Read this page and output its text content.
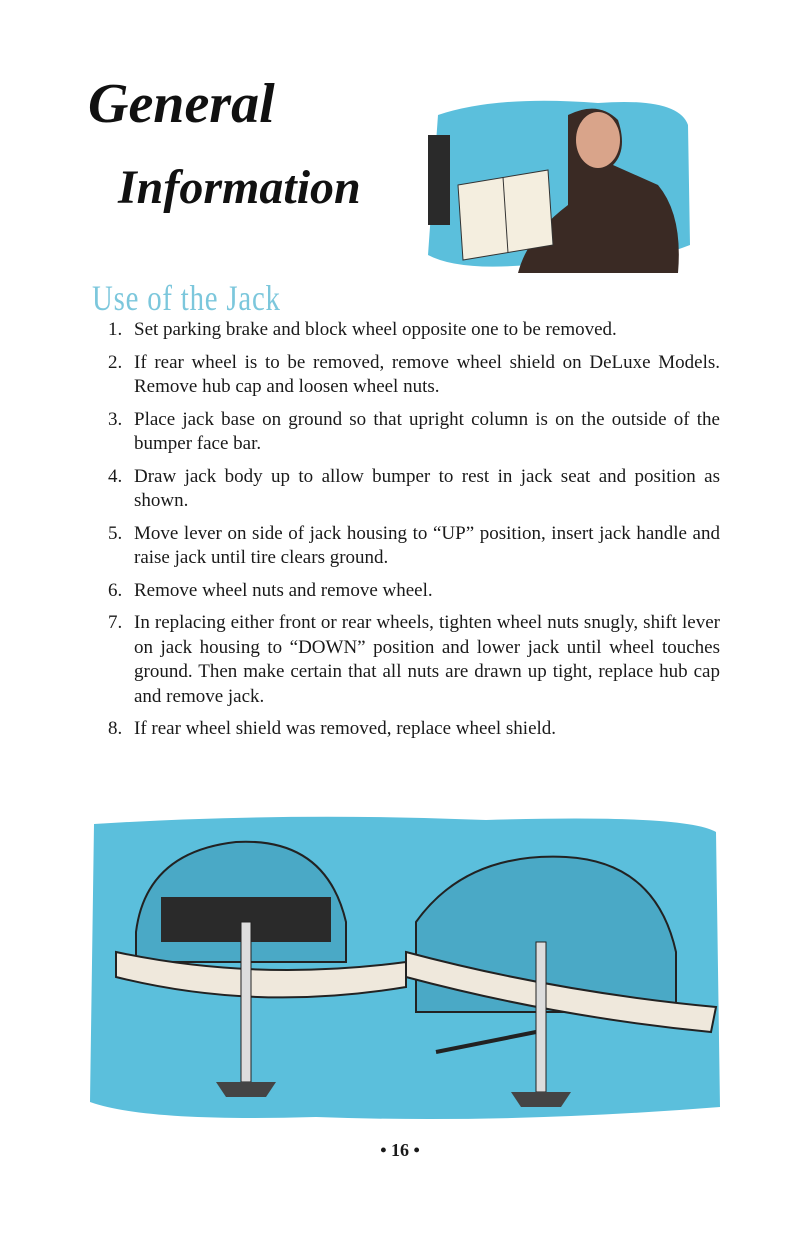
General
Information
Use of the Jack
1. Set parking brake and block wheel opposite one to be removed.
2. If rear wheel is to be removed, remove wheel shield on DeLuxe Models. Remove hub cap and loosen wheel nuts.
3. Place jack base on ground so that upright column is on the outside of the bumper face bar.
4. Draw jack body up to allow bumper to rest in jack seat and position as shown.
5. Move lever on side of jack housing to “UP” position, insert jack handle and raise jack until tire clears ground.
6. Remove wheel nuts and remove wheel.
7. In replacing either front or rear wheels, tighten wheel nuts snugly, shift lever on jack housing to “DOWN” position and lower jack until wheel touches ground. Then make certain that all nuts are drawn up tight, replace hub cap and remove jack.
8. If rear wheel shield was removed, replace wheel shield.
• 16 •
